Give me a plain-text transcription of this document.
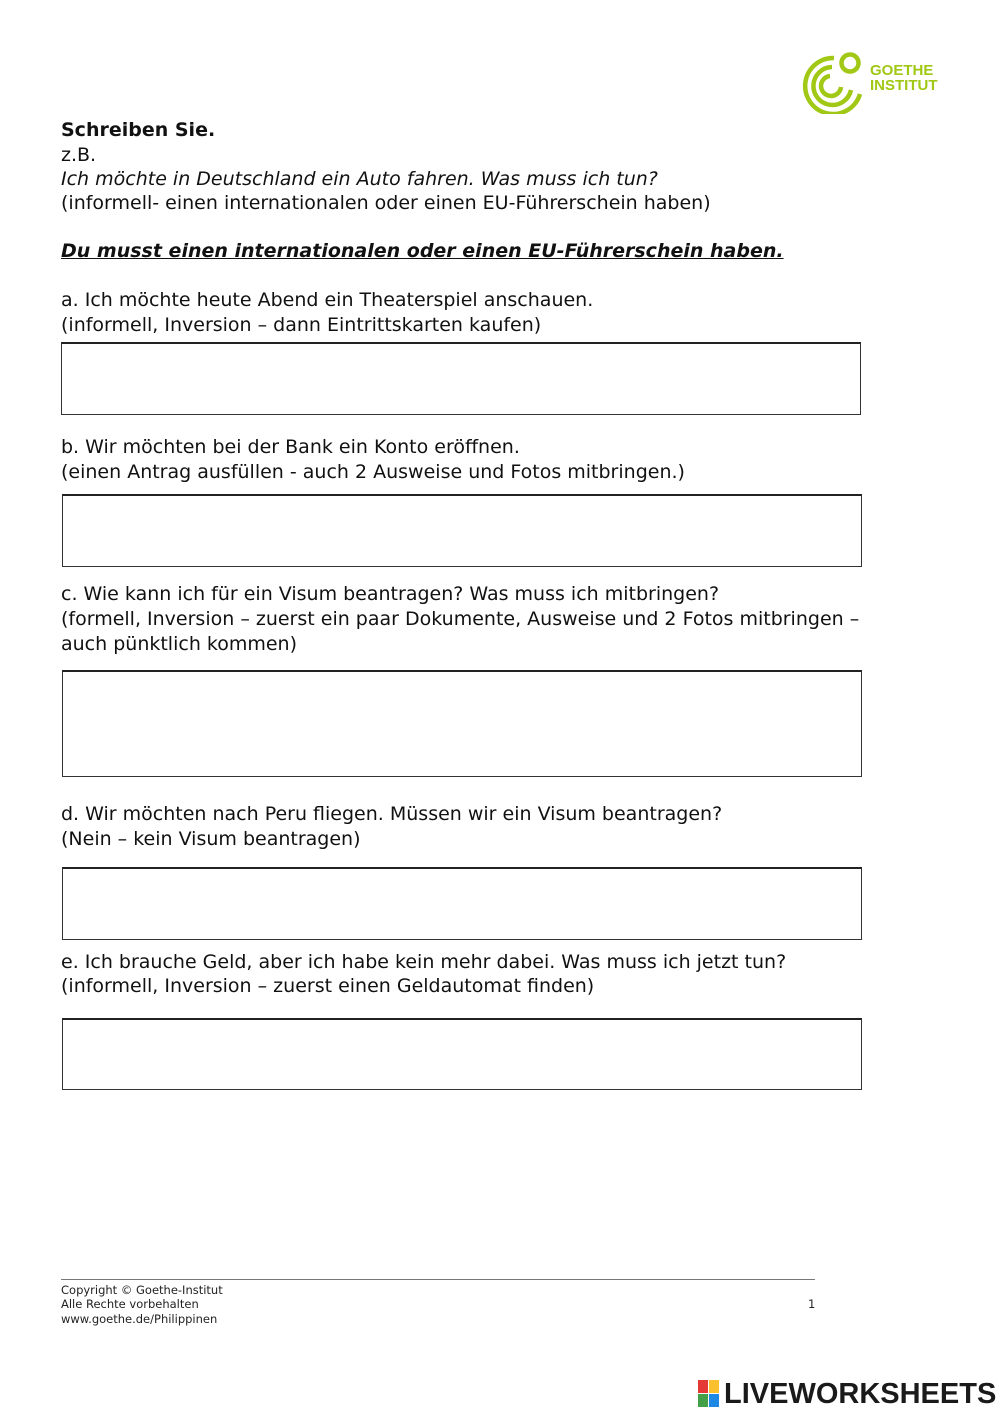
GOETHE
INSTITUT
Schreiben Sie.
z.B.
Ich möchte in Deutschland ein Auto fahren. Was muss ich tun?
(informell- einen internationalen oder einen EU-Führerschein haben)
Du musst einen internationalen oder einen EU-Führerschein haben.
a. Ich möchte heute Abend ein Theaterspiel anschauen.
(informell, Inversion – dann Eintrittskarten kaufen)
b. Wir möchten bei der Bank ein Konto eröffnen.
(einen Antrag ausfüllen - auch 2 Ausweise und Fotos mitbringen.)
c. Wie kann ich für ein Visum beantragen? Was muss ich mitbringen?
(formell, Inversion – zuerst ein paar Dokumente, Ausweise und 2 Fotos mitbringen –
auch pünktlich kommen)
d. Wir möchten nach Peru fliegen. Müssen wir ein Visum beantragen?
(Nein – kein Visum beantragen)
e. Ich brauche Geld, aber ich habe kein mehr dabei. Was muss ich jetzt tun?
(informell, Inversion – zuerst einen Geldautomat finden)
Copyright © Goethe-Institut
Alle Rechte vorbehalten
www.goethe.de/Philippinen
1
LIVEWORKSHEETS
